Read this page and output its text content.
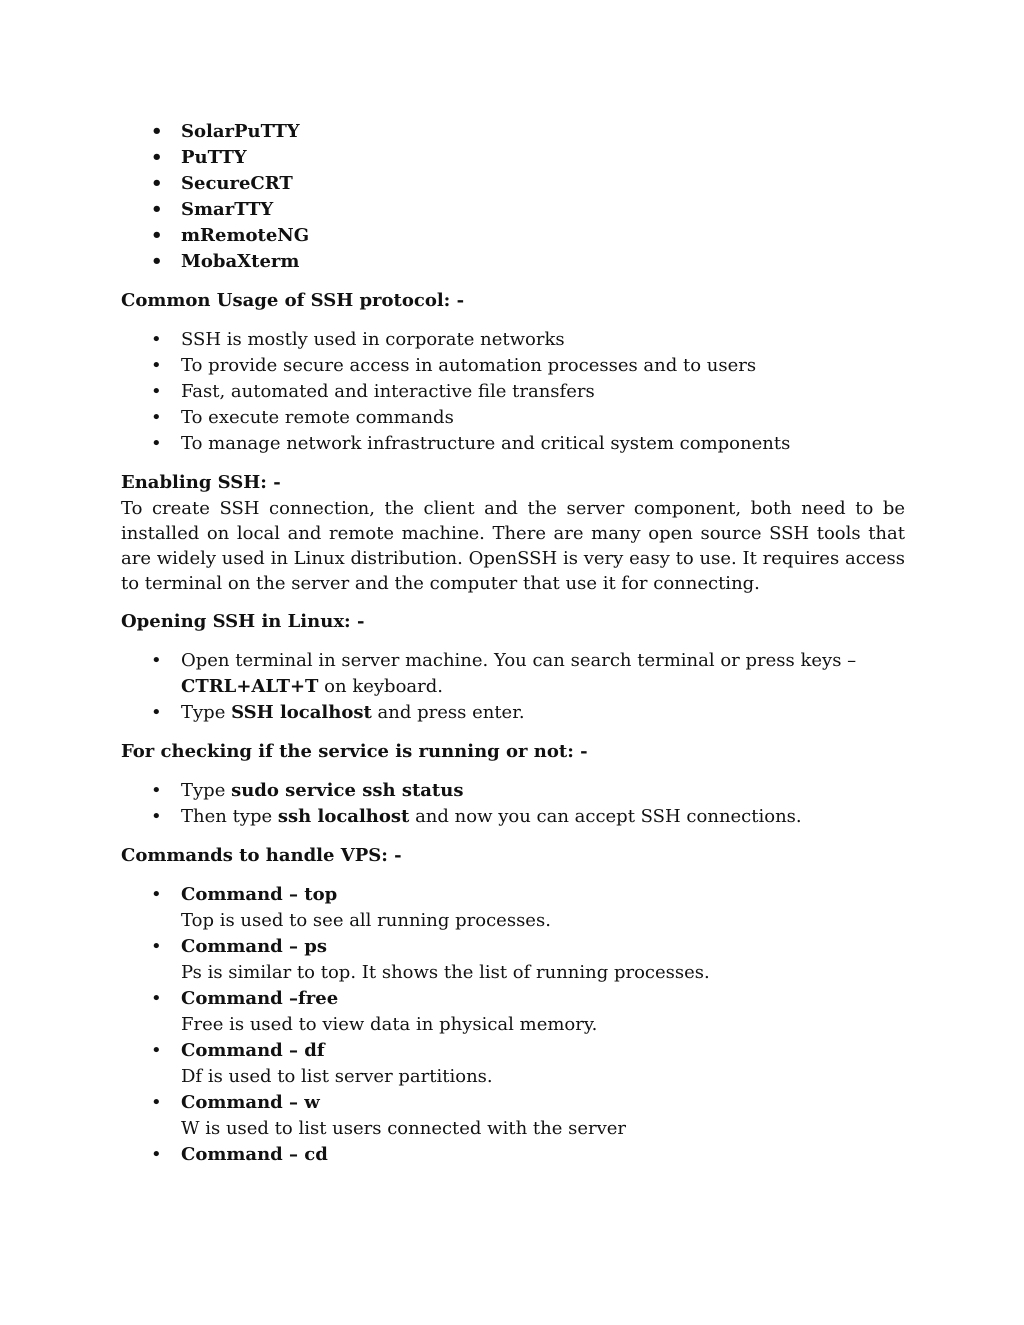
• SolarPuTTY
• PuTTY
• SecureCRT
• SmarTTY
• mRemoteNG
• MobaXterm

Common Usage of SSH protocol: -

• SSH is mostly used in corporate networks
• To provide secure access in automation processes and to users
• Fast, automated and interactive file transfers
• To execute remote commands
• To manage network infrastructure and critical system components

Enabling SSH: -

To create SSH connection, the client and the server component, both need to be installed on local and remote machine. There are many open source SSH tools that are widely used in Linux distribution. OpenSSH is very easy to use. It requires access to terminal on the server and the computer that use it for connecting.

Opening SSH in Linux: -

• Open terminal in server machine. You can search terminal or press keys –
CTRL+ALT+T on keyboard.
• Type SSH localhost and press enter.

For checking if the service is running or not: -

• Type sudo service ssh status
• Then type ssh localhost and now you can accept SSH connections.

Commands to handle VPS: -

• Command – top
Top is used to see all running processes.
• Command – ps
Ps is similar to top. It shows the list of running processes.
• Command –free
Free is used to view data in physical memory.
• Command – df
Df is used to list server partitions.
• Command – w
W is used to list users connected with the server
• Command – cd
